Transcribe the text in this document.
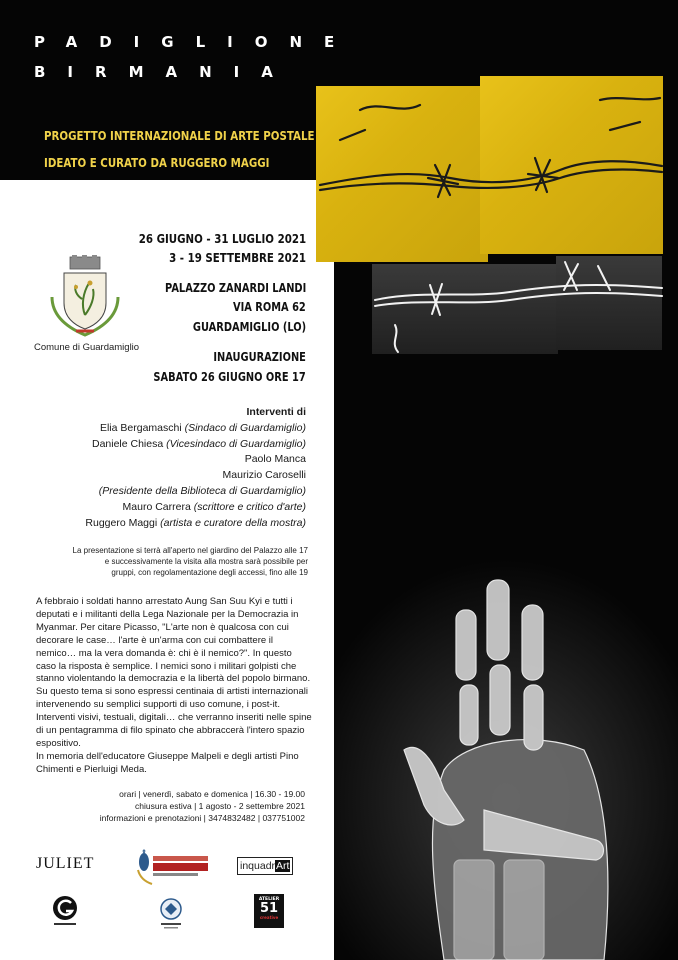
PADIGLIONE
BIRMANIA
PROGETTO INTERNAZIONALE DI ARTE POSTALE
IDEATO E CURATO DA RUGGERO MAGGI
26 GIUGNO - 31 LUGLIO 2021
3 - 19 SETTEMBRE 2021
PALAZZO ZANARDI LANDI
VIA ROMA 62
GUARDAMIGLIO (LO)
INAUGURAZIONE
SABATO 26 GIUGNO ORE 17
Comune di Guardamiglio
Interventi di
Elia Bergamaschi (Sindaco di Guardamiglio)
Daniele Chiesa (Vicesindaco di Guardamiglio)
Paolo Manca
Maurizio Caroselli
(Presidente della Biblioteca di Guardamiglio)
Mauro Carrera (scrittore e critico d'arte)
Ruggero Maggi (artista e curatore della mostra)
La presentazione si terrà all'aperto nel giardino del Palazzo alle 17
e successivamente la visita alla mostra sarà possibile per
gruppi, con regolamentazione degli accessi, fino alle 19

A febbraio i soldati hanno arrestato Aung San Suu Kyi e tutti i deputati e i militanti della Lega Nazionale per la Democrazia in Myanmar. Per citare Picasso, "L'arte non è qualcosa con cui decorare le case… l'arte è un'arma con cui combattere il nemico… ma la vera domanda è: chi è il nemico?". In questo caso la risposta è semplice. I nemici sono i militari golpisti che stanno violentando la democrazia e la libertà del popolo birmano. Su questo tema si sono espressi centinaia di artisti internazionali intervenendo su semplici supporti di uso comune, i post-it. Interventi visivi, testuali, digitali… che verranno inseriti nelle spine di un pentagramma di filo spinato che abbraccerà l'intero spazio espositivo.

In memoria dell'educatore Giuseppe Malpeli e degli artisti Pino Chimenti e Pierluigi Meda.

orari | venerdì, sabato e domenica | 16.30 - 19.00
chiusura estiva | 1 agosto - 2 settembre 2021
informazioni e prenotazioni | 3474832482 | 037751002
JULIET	inquadrArt
ATELIER
51
creative
